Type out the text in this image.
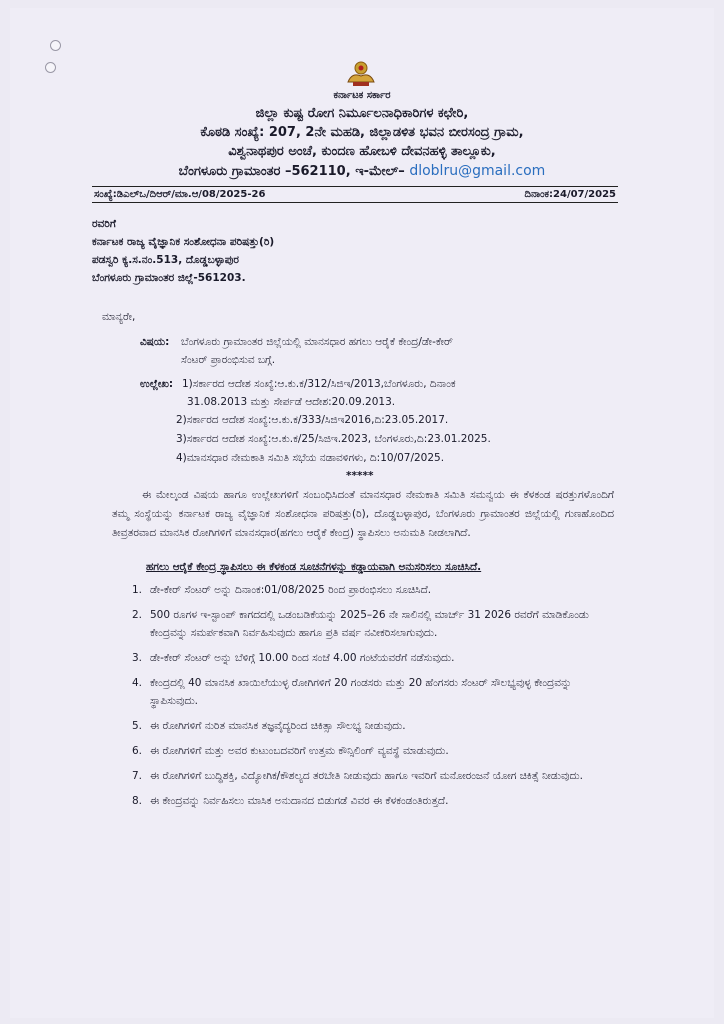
ಕರ್ನಾಟಕ ಸರ್ಕಾರ
ಜಿಲ್ಲಾ ಕುಷ್ಟ ರೋಗ ನಿರ್ಮೂಲನಾಧಿಕಾರಿಗಳ ಕಛೇರಿ,
ಕೊಠಡಿ ಸಂಖ್ಯೆ: 207, 2ನೇ ಮಹಡಿ, ಜಿಲ್ಲಾಡಳಿತ ಭವನ ಬೀರಸಂದ್ರ ಗ್ರಾಮ,
ವಿಶ್ವನಾಥಪುರ ಅಂಚೆ, ಕುಂದಣ ಹೋಬಳಿ ದೇವನಹಳ್ಳಿ ತಾಲ್ಲೂಕು,
ಬೆಂಗಳೂರು ಗ್ರಾಮಾಂತರ –562110, ಇ-ಮೇಲ್– dloblru@gmail.com
ಸಂಖ್ಯೆ:ಡಿಎಲ್ಒ/ದಿಆರ್/ಮಾ.ಆ/08/2025-26	ದಿನಾಂಕ:24/07/2025
ರವರಿಗೆ
ಕರ್ನಾಟಕ ರಾಜ್ಯ ವೈಜ್ಞಾನಿಕ ಸಂಶೋಧನಾ ಪರಿಷತ್ತು(ರಿ)
ಪಡಸ್ವರಿ ಕ್ಯ.ಸ.ನಂ.513, ದೊಡ್ಡಬಳ್ಳಾಪುರ
ಬೆಂಗಳೂರು ಗ್ರಾಮಾಂತರ ಜಿಲ್ಲೆ-561203.
ಮಾನ್ಯರೇ,
ವಿಷಯ: ಬೆಂಗಳೂರು ಗ್ರಾಮಾಂತರ ಜಿಲ್ಲೆಯಲ್ಲಿ ಮಾನಸಧಾರ ಹಗಲು ಆರೈಕೆ ಕೇಂದ್ರ/ಡೇ-ಕೇರ್
ಸೆಂಟರ್ ಪ್ರಾರಂಭಿಸುವ ಬಗ್ಗೆ.
ಉಲ್ಲೇಖ: 1)ಸರ್ಕಾರದ ಆದೇಶ ಸಂಖ್ಯೆ:ಆ.ಕು.ಕ/312/ಸಿಜಿಇ/2013,ಬೆಂಗಳೂರು, ದಿನಾಂಕ
31.08.2013 ಮತ್ತು ಸೇರ್ಪಡೆ ಆದೇಶ:20.09.2013.
2)ಸರ್ಕಾರದ ಆದೇಶ ಸಂಖ್ಯೆ:ಆ.ಕು.ಕ/333/ಸಿಜಿಇ2016,ದಿ:23.05.2017.
3)ಸರ್ಕಾರದ ಆದೇಶ ಸಂಖ್ಯೆ:ಆ.ಕು.ಕ/25/ಸಿಜಿಇ.2023, ಬೆಂಗಳೂರು,ದಿ:23.01.2025.
4)ಮಾನಸಧಾರ ನೇಮಕಾತಿ ಸಮಿತಿ ಸಭೆಯ ನಡಾವಳಿಗಳು, ದಿ:10/07/2025.
*****
ಈ ಮೇಲ್ಕಂಡ ವಿಷಯ ಹಾಗೂ ಉಲ್ಲೇಖಗಳಿಗೆ ಸಂಬಂಧಿಸಿದಂತೆ ಮಾನಸಧಾರ ನೇಮಕಾತಿ ಸಮಿತಿ ಸಮನ್ವಯ ಈ ಕೆಳಕಂಡ ಷರತ್ತುಗಳೊಂದಿಗೆ ತಮ್ಮ ಸಂಸ್ಥೆಯನ್ನು ಕರ್ನಾಟಕ ರಾಜ್ಯ ವೈಜ್ಞಾನಿಕ ಸಂಶೋಧನಾ ಪರಿಷತ್ತು(ರಿ), ದೊಡ್ಡಬಳ್ಳಾಪುರ, ಬೆಂಗಳೂರು ಗ್ರಾಮಾಂತರ ಜಿಲ್ಲೆಯಲ್ಲಿ ಗುಣಹೊಂದಿದ ತೀವ್ರತರವಾದ ಮಾನಸಿಕ ರೋಗಿಗಳಿಗೆ ಮಾನಸಧಾರ(ಹಗಲು ಆರೈಕೆ ಕೇಂದ್ರ) ಸ್ಥಾಪಿಸಲು ಅನುಮತಿ ನೀಡಲಾಗಿದೆ.
ಹಗಲು ಆರೈಕೆ ಕೇಂದ್ರ ಸ್ಥಾಪಿಸಲು ಈ ಕೆಳಕಂಡ ಸೂಚನೆಗಳನ್ನು ಕಡ್ಡಾಯವಾಗಿ ಅನುಸರಿಸಲು ಸೂಚಿಸಿದೆ.
1. ಡೇ-ಕೇರ್ ಸೆಂಟರ್ ಅನ್ನು ದಿನಾಂಕ:01/08/2025 ರಿಂದ ಪ್ರಾರಂಭಿಸಲು ಸೂಚಿಸಿದೆ.
2. 500 ರೂಗಳ ಇ-ಸ್ಟಾಂಪ್ ಕಾಗದದಲ್ಲಿ ಒಡಂಬಡಿಕೆಯನ್ನು 2025–26 ನೇ ಸಾಲಿನಲ್ಲಿ ಮಾರ್ಚ್ 31 2026 ರವರೆಗೆ ಮಾಡಿಕೊಂಡು ಕೇಂದ್ರವನ್ನು ಸಮರ್ಪಕವಾಗಿ ನಿರ್ವಹಿಸುವುದು ಹಾಗೂ ಪ್ರತಿ ವರ್ಷ ನವೀಕರಿಸಲಾಗುವುದು.
3. ಡೇ-ಕೇರ್ ಸೆಂಟರ್ ಅನ್ನು ಬೆಳಿಗ್ಗೆ 10.00 ರಿಂದ ಸಂಜೆ 4.00 ಗಂಟೆಯವರೆಗೆ ನಡೆಸುವುದು.
4. ಕೇಂದ್ರದಲ್ಲಿ 40 ಮಾನಸಿಕ ಖಾಯಿಲೆಯುಳ್ಳ ರೋಗಿಗಳಿಗೆ 20 ಗಂಡಸರು ಮತ್ತು 20 ಹೆಂಗಸರು ಸೆಂಟರ್ ಸೌಲಭ್ಯವುಳ್ಳ ಕೇಂದ್ರವನ್ನು ಸ್ಥಾಪಿಸುವುದು.
5. ಈ ರೋಗಿಗಳಿಗೆ ನುರಿತ ಮಾನಸಿಕ ತಜ್ಞವೈದ್ಯರಿಂದ ಚಿಕಿತ್ಸಾ ಸೌಲಭ್ಯ ನೀಡುವುದು.
6. ಈ ರೋಗಿಗಳಿಗೆ ಮತ್ತು ಅವರ ಕುಟುಂಬದವರಿಗೆ ಉತ್ತಮ ಕೌನ್ಸಿಲಿಂಗ್ ವ್ಯವಸ್ಥೆ ಮಾಡುವುದು.
7. ಈ ರೋಗಿಗಳಿಗೆ ಬುದ್ಧಿಶಕ್ತಿ, ವಿದ್ಯೋಗಿಕ/ಕೌಶಲ್ಯದ ತರಬೇತಿ ನೀಡುವುದು ಹಾಗೂ ಇವರಿಗೆ ಮನೋರಂಜನೆ ಯೋಗ ಚಿಕಿತ್ಸೆ ನೀಡುವುದು.
8. ಈ ಕೇಂದ್ರವನ್ನು ನಿರ್ವಹಿಸಲು ಮಾಸಿಕ ಅನುದಾನದ ಬಿಡುಗಡೆ ವಿವರ ಈ ಕೆಳಕಂಡಂತಿರುತ್ತದೆ.
